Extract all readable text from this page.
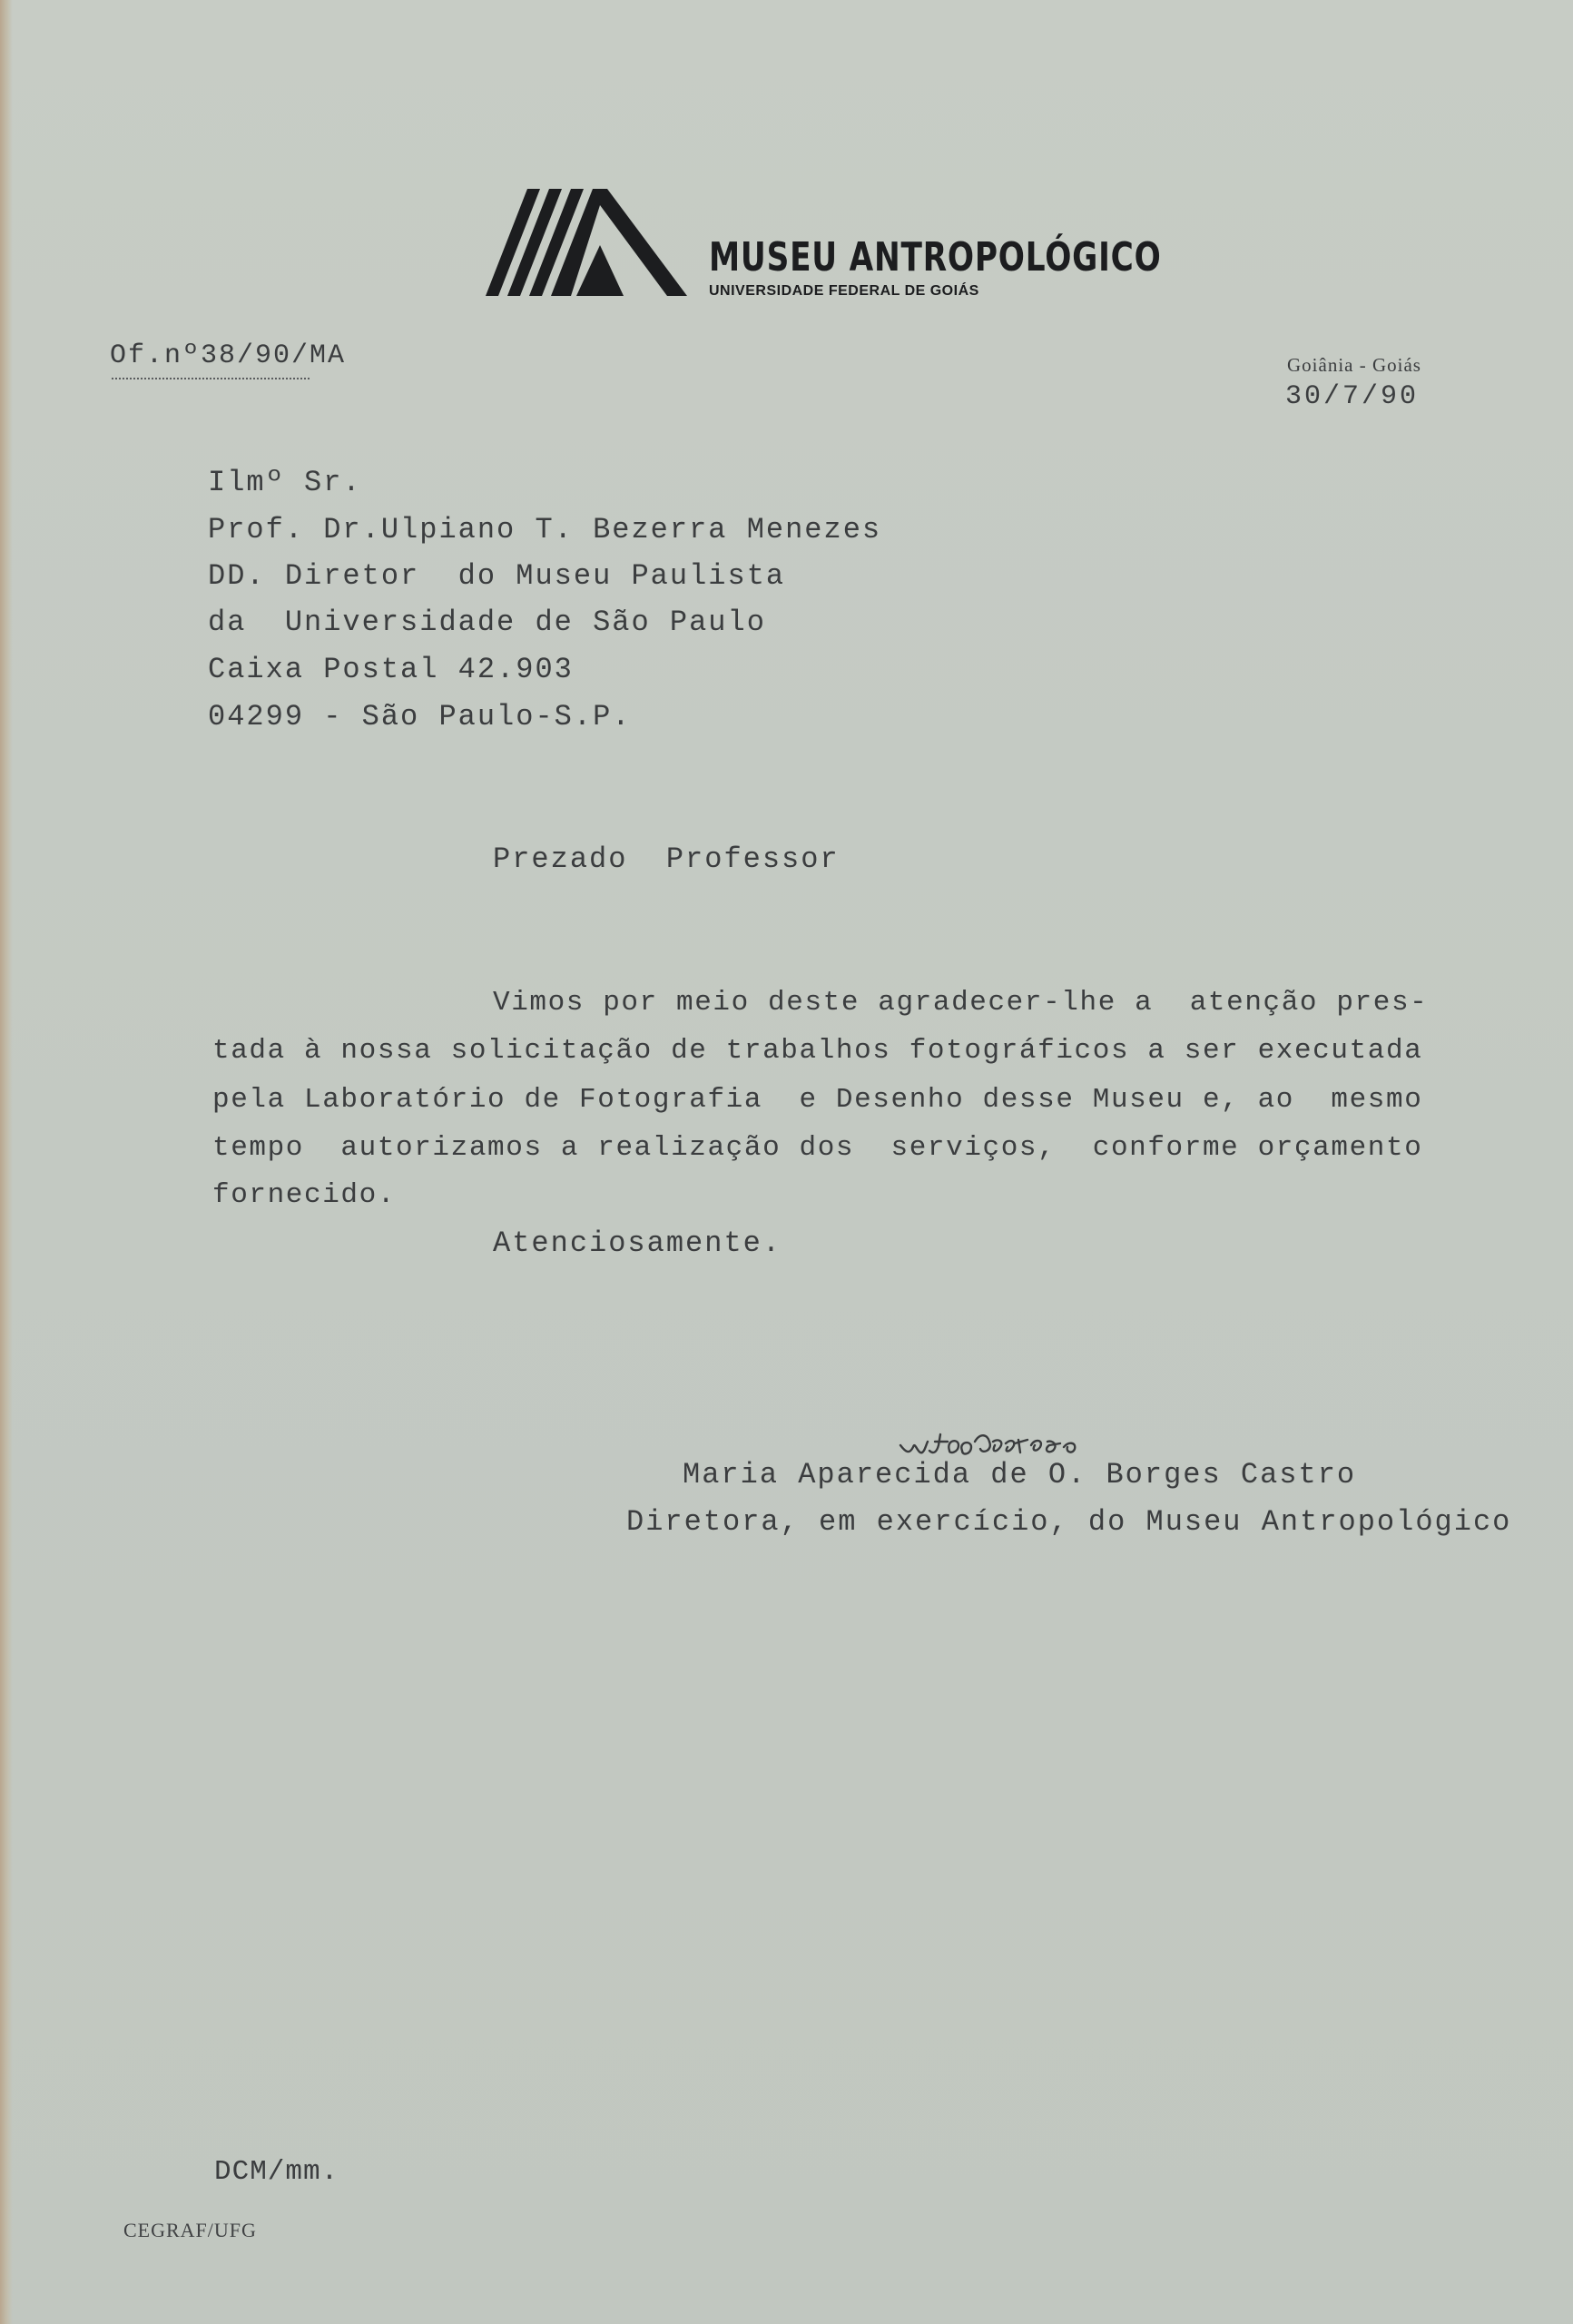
MUSEU ANTROPOLÓGICO
UNIVERSIDADE FEDERAL DE GOIÁS
Of.nº38/90/MA	Goiânia - Goiás
30/7/90
Ilmº Sr.
Prof. Dr.Ulpiano T. Bezerra Menezes
DD. Diretor  do Museu Paulista
da  Universidade de São Paulo
Caixa Postal 42.903
04299 - São Paulo-S.P.
Prezado  Professor
Vimos por meio deste agradecer-lhe a  atenção pres-
tada à nossa solicitação de trabalhos fotográficos a ser executada
pela Laboratório de Fotografia  e Desenho desse Museu e, ao  mesmo
tempo  autorizamos a realização dos  serviços,  conforme orçamento
fornecido.
Atenciosamente.
Maria Aparecida de O. Borges Castro
Diretora, em exercício, do Museu Antropológico
DCM/mm.
CEGRAF/UFG
